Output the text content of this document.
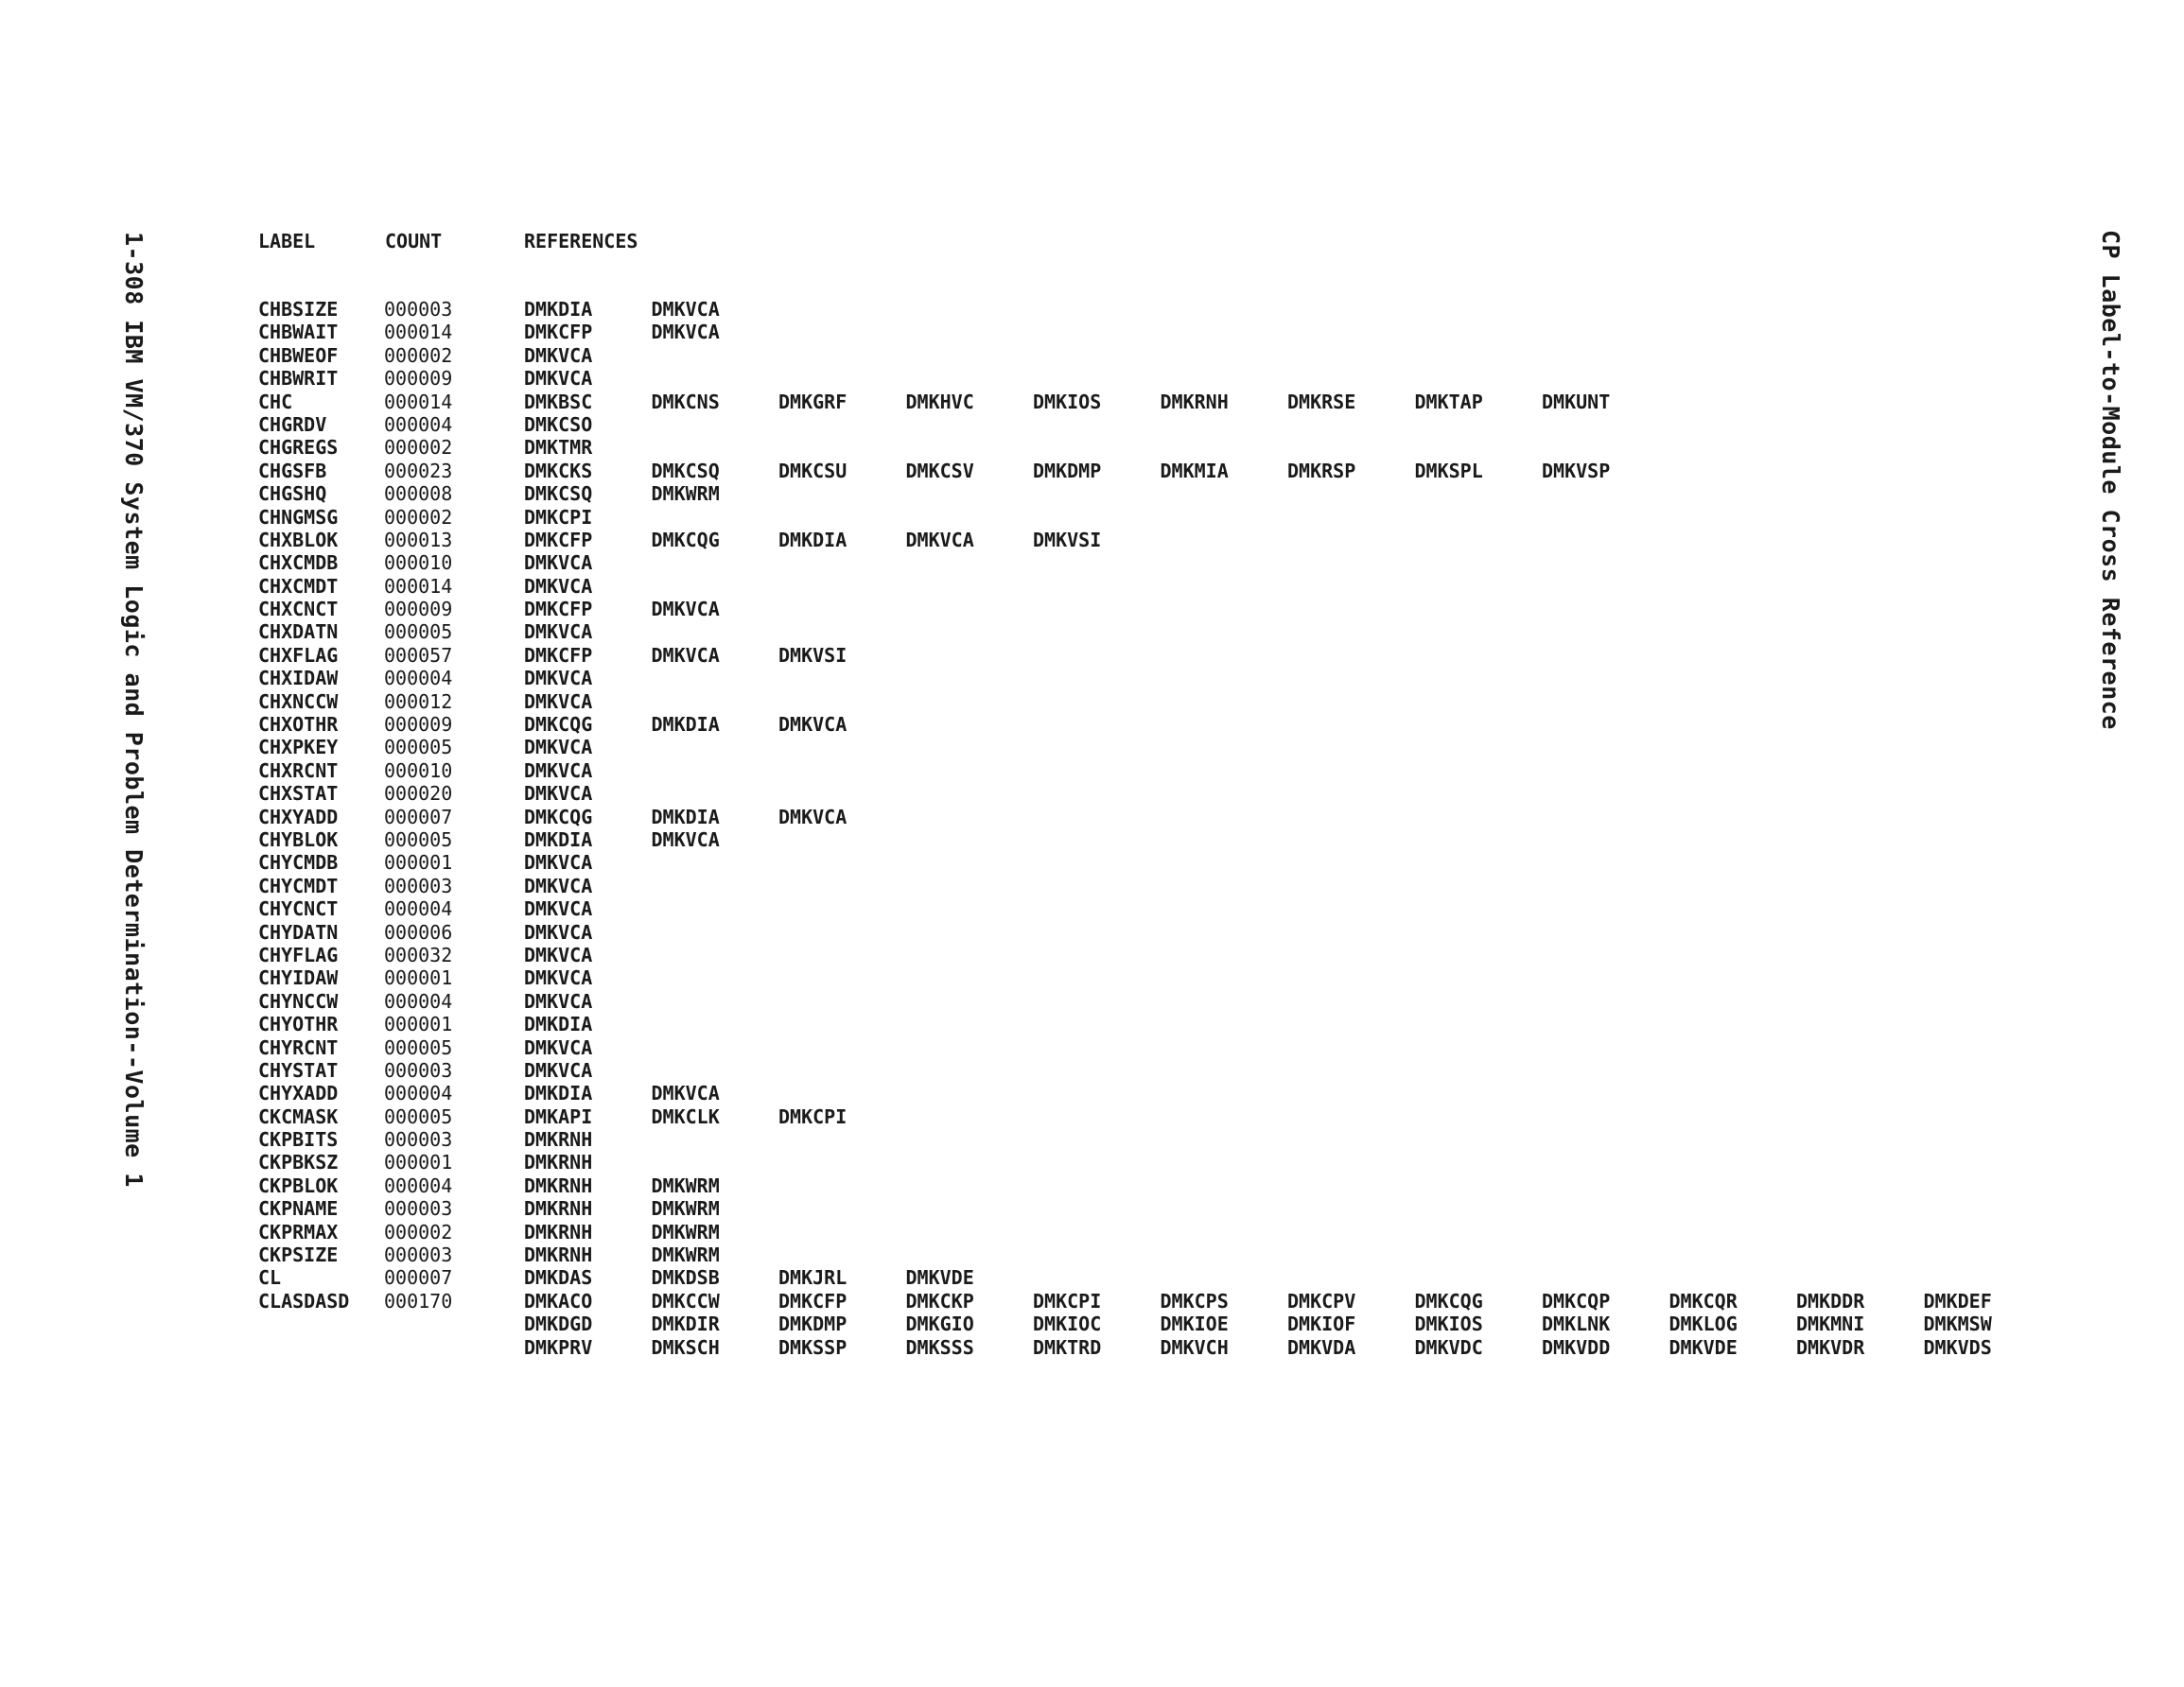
1-308 IBM VM/370 System Logic and Problem Determination--Volume 1	CP Label-to-Module Cross Reference
LABEL	COUNT	REFERENCES
CHBSIZE 000003	DMKDIA	DMKVCA
CHBWAIT 000014	DMKCFP	DMKVCA
CHBWEOF 000002	DMKVCA
CHBWRIT 000009	DMKVCA
CHC	000014	DMKBSC	DMKCNS	DMKGRF	DMKHVC	DMKIOS	DMKRNH	DMKRSE	DMKTAP	DMKUNT
CHGRDV	000004	DMKCSO
CHGREGS 000002	DMKTMR
CHGSFB	000023	DMKCKS	DMKCSQ	DMKCSU	DMKCSV	DMKDMP	DMKMIA	DMKRSP	DMKSPL	DMKVSP
CHGSHQ	000008	DMKCSQ	DMKWRM
CHNGMSG 000002	DMKCPI
CHXBLOK 000013	DMKCFP	DMKCQG	DMKDIA	DMKVCA	DMKVSI
CHXCMDB 000010	DMKVCA
CHXCMDT 000014	DMKVCA
CHXCNCT 000009	DMKCFP	DMKVCA
CHXDATN 000005	DMKVCA
CHXFLAG 000057	DMKCFP	DMKVCA	DMKVSI
CHXIDAW 000004	DMKVCA
CHXNCCW 000012	DMKVCA
CHXOTHR 000009	DMKCQG	DMKDIA	DMKVCA
CHXPKEY 000005	DMKVCA
CHXRCNT 000010	DMKVCA
CHXSTAT 000020	DMKVCA
CHXYADD 000007	DMKCQG	DMKDIA	DMKVCA
CHYBLOK 000005	DMKDIA	DMKVCA
CHYCMDB 000001	DMKVCA
CHYCMDT 000003	DMKVCA
CHYCNCT 000004	DMKVCA
CHYDATN 000006	DMKVCA
CHYFLAG 000032	DMKVCA
CHYIDAW 000001	DMKVCA
CHYNCCW 000004	DMKVCA
CHYOTHR 000001	DMKDIA
CHYRCNT 000005	DMKVCA
CHYSTAT 000003	DMKVCA
CHYXADD 000004	DMKDIA	DMKVCA
CKCMASK 000005	DMKAPI	DMKCLK	DMKCPI
CKPBITS 000003	DMKRNH
CKPBKSZ 000001	DMKRNH
CKPBLOK 000004	DMKRNH	DMKWRM
CKPNAME 000003	DMKRNH	DMKWRM
CKPRMAX 000002	DMKRNH	DMKWRM
CKPSIZE 000003	DMKRNH	DMKWRM
CL	000007	DMKDAS	DMKDSB	DMKJRL	DMKVDE
CLASDASD 000170	DMKACO	DMKCCW	DMKCFP	DMKCKP	DMKCPI	DMKCPS	DMKCPV	DMKCQG	DMKCQP	DMKCQR	DMKDDR	DMKDEF
DMKDGD	DMKDIR	DMKDMP	DMKGIO	DMKIOC	DMKIOE	DMKIOF	DMKIOS	DMKLNK	DMKLOG	DMKMNI	DMKMSW
DMKPRV	DMKSCH	DMKSSP	DMKSSS	DMKTRD	DMKVCH	DMKVDA	DMKVDC	DMKVDD	DMKVDE	DMKVDR	DMKVDS
